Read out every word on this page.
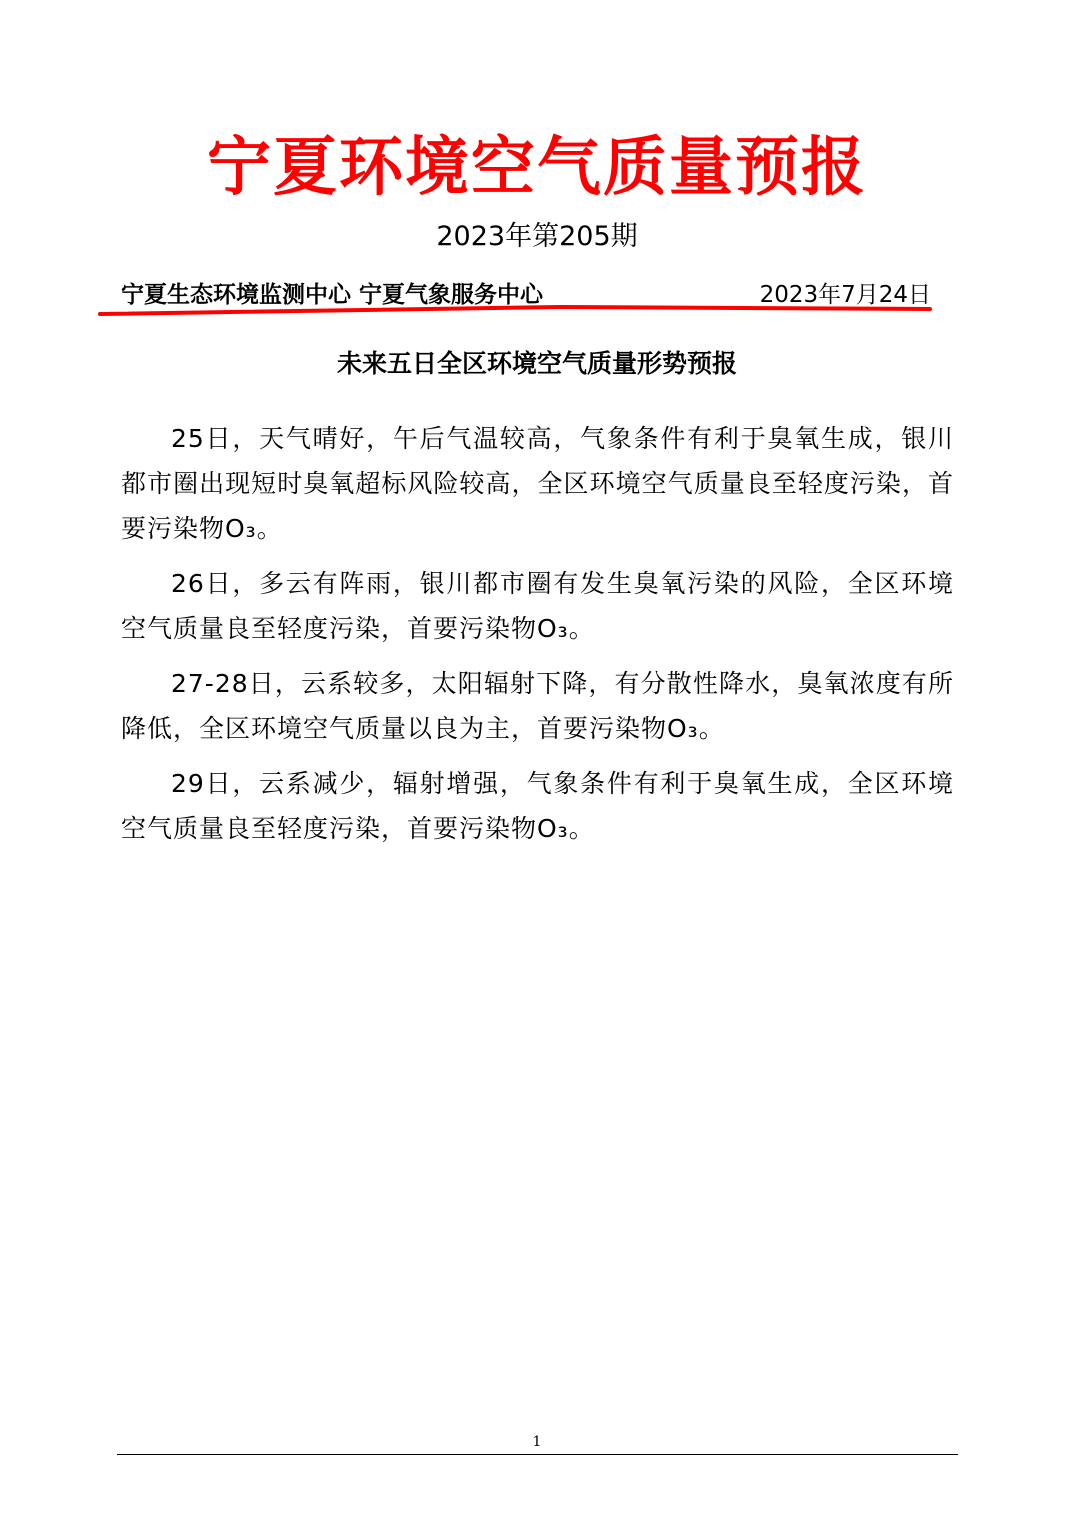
宁夏环境空气质量预报
2023年第205期
宁夏生态环境监测中心 宁夏气象服务中心	2023年7月24日
未来五日全区环境空气质量形势预报

25日，天气晴好，午后气温较高，气象条件有利于臭氧生成，银川都市圈出现短时臭氧超标风险较高，全区环境空气质量良至轻度污染，首要污染物O₃。

26日，多云有阵雨，银川都市圈有发生臭氧污染的风险，全区环境空气质量良至轻度污染，首要污染物O₃。

27-28日，云系较多，太阳辐射下降，有分散性降水，臭氧浓度有所降低，全区环境空气质量以良为主，首要污染物O₃。

29日，云系减少，辐射增强，气象条件有利于臭氧生成，全区环境空气质量良至轻度污染，首要污染物O₃。

1
